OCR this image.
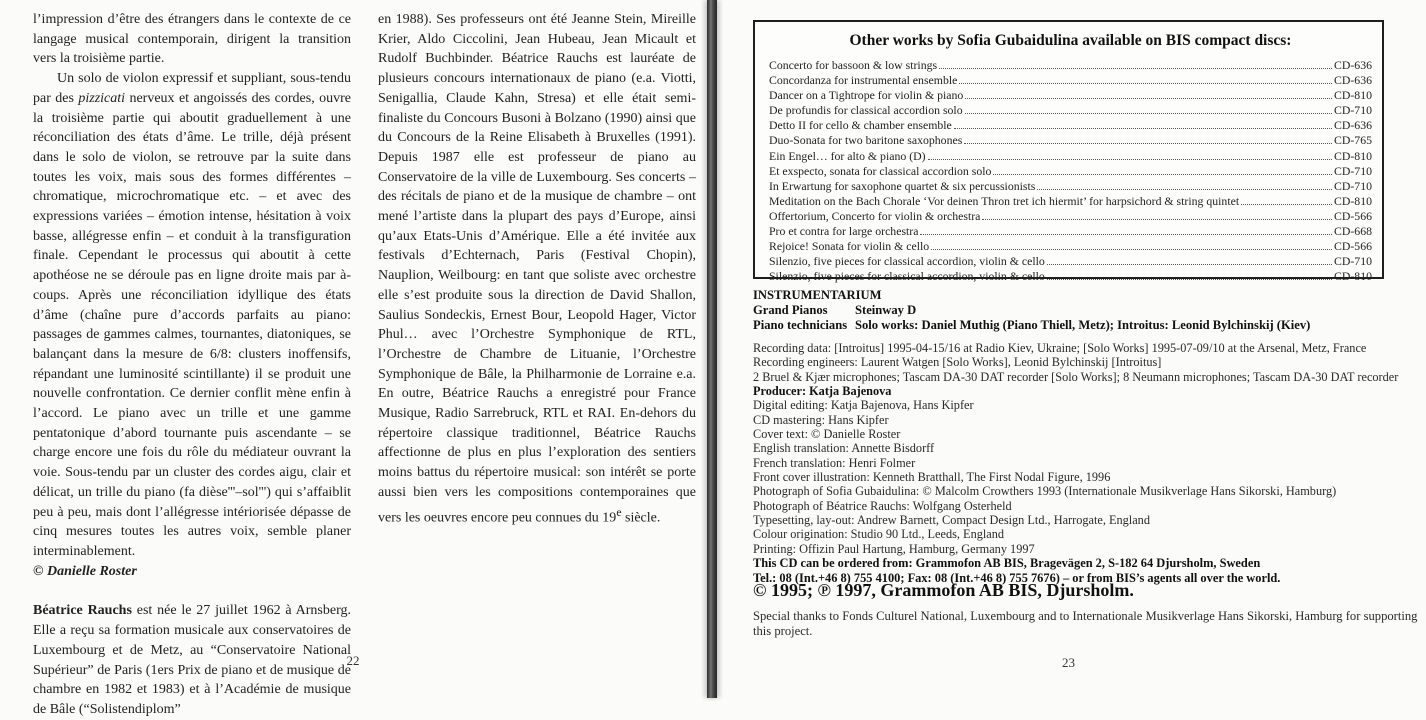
l’impression d’être des étrangers dans le contexte de ce langage musical contemporain, dirigent la transition vers la troisième partie.

Un solo de violon expressif et suppliant, sous-tendu par des pizzicati nerveux et angoissés des cordes, ouvre la troisième partie qui aboutit graduellement à une réconciliation des états d’âme. Le trille, déjà présent dans le solo de violon, se retrouve par la suite dans toutes les voix, mais sous des formes différentes – chromatique, microchromatique etc. – et avec des expressions variées – émotion intense, hésitation à voix basse, allégresse enfin – et conduit à la transfiguration finale. Cependant le processus qui aboutit à cette apothéose ne se déroule pas en ligne droite mais par à-coups. Après une réconciliation idyllique des états d’âme (chaîne pure d’accords parfaits au piano: passages de gammes calmes, tournantes, diatoniques, se balançant dans la mesure de 6/8: clusters inoffensifs, répandant une luminosité scintillante) il se produit une nouvelle confrontation. Ce dernier conflit mène enfin à l’accord. Le piano avec un trille et une gamme pentatonique d’abord tournante puis ascendante – se charge encore une fois du rôle du médiateur ouvrant la voie. Sous-tendu par un cluster des cordes aigu, clair et délicat, un trille du piano (fa dièse'''–sol''') qui s’affaiblit peu à peu, mais dont l’allégresse intériorisée dépasse de cinq mesures toutes les autres voix, semble planer interminablement.

© Danielle Roster

Béatrice Rauchs est née le 27 juillet 1962 à Arnsberg. Elle a reçu sa formation musicale aux conservatoires de Luxembourg et de Metz, au “Conservatoire National Supérieur” de Paris (1ers Prix de piano et de musique de chambre en 1982 et 1983) et à l’Académie de musique de Bâle (“Solistendiplom”

en 1988). Ses professeurs ont été Jeanne Stein, Mireille Krier, Aldo Ciccolini, Jean Hubeau, Jean Micault et Rudolf Buchbinder. Béatrice Rauchs est lauréate de plusieurs concours internationaux de piano (e.a. Viotti, Senigallia, Claude Kahn, Stresa) et elle était semi-finaliste du Concours Busoni à Bolzano (1990) ainsi que du Concours de la Reine Elisabeth à Bruxelles (1991). Depuis 1987 elle est professeur de piano au Conservatoire de la ville de Luxembourg. Ses concerts – des récitals de piano et de la musique de chambre – ont mené l’artiste dans la plupart des pays d’Europe, ainsi qu’aux Etats-Unis d’Amérique. Elle a été invitée aux festivals d’Echternach, Paris (Festival Chopin), Nauplion, Weilbourg: en tant que soliste avec orchestre elle s’est produite sous la direction de David Shallon, Saulius Sondeckis, Ernest Bour, Leopold Hager, Victor Phul… avec l’Orchestre Symphonique de RTL, l’Orchestre de Chambre de Lituanie, l’Orchestre Symphonique de Bâle, la Philharmonie de Lorraine e.a. En outre, Béatrice Rauchs a enregistré pour France Musique, Radio Sarrebruck, RTL et RAI. En-dehors du répertoire classique traditionnel, Béatrice Rauchs affectionne de plus en plus l’exploration des sentiers moins battus du répertoire musical: son intérêt se porte aussi bien vers les compositions contemporaines que vers les oeuvres encore peu connues du 19e siècle.

22
Other works by Sofia Gubaidulina available on BIS compact discs:
Concerto for bassoon & low strings	CD-636
Concordanza for instrumental ensemble	CD-636
Dancer on a Tightrope for violin & piano	CD-810
De profundis for classical accordion solo	CD-710
Detto II for cello & chamber ensemble	CD-636
Duo-Sonata for two baritone saxophones	CD-765
Ein Engel… for alto & piano (D)	CD-810
Et exspecto, sonata for classical accordion solo	CD-710
In Erwartung for saxophone quartet & six percussionists	CD-710
Meditation on the Bach Chorale ‘Vor deinen Thron tret ich hiermit’ for harpsichord & string quintet	CD-810
Offertorium, Concerto for violin & orchestra	CD-566
Pro et contra for large orchestra	CD-668
Rejoice! Sonata for violin & cello	CD-566
Silenzio, five pieces for classical accordion, violin & cello	CD-710
Silenzio, five pieces for classical accordion, violin & cello	CD-810
INSTRUMENTARIUM
Grand Pianos	Steinway D
Piano technicians Solo works: Daniel Muthig (Piano Thiell, Metz); Introitus: Leonid Bylchinskij (Kiev)
Recording data: [Introitus] 1995-04-15/16 at Radio Kiev, Ukraine; [Solo Works] 1995-07-09/10 at the Arsenal, Metz, France
Recording engineers: Laurent Watgen [Solo Works], Leonid Bylchinskij [Introitus]
2 Bruel & Kjær microphones; Tascam DA-30 DAT recorder [Solo Works]; 8 Neumann microphones; Tascam DA-30 DAT recorder
Producer: Katja Bajenova
Digital editing: Katja Bajenova, Hans Kipfer
CD mastering: Hans Kipfer
Cover text: © Danielle Roster
English translation: Annette Bisdorff
French translation: Henri Folmer
Front cover illustration: Kenneth Bratthall, The First Nodal Figure, 1996
Photograph of Sofia Gubaidulina: © Malcolm Crowthers 1993 (Internationale Musikverlage Hans Sikorski, Hamburg)
Photograph of Béatrice Rauchs: Wolfgang Osterheld
Typesetting, lay-out: Andrew Barnett, Compact Design Ltd., Harrogate, England
Colour origination: Studio 90 Ltd., Leeds, England
Printing: Offizin Paul Hartung, Hamburg, Germany 1997
This CD can be ordered from: Grammofon AB BIS, Bragevägen 2, S-182 64 Djursholm, Sweden
Tel.: 08 (Int.+46 8) 755 4100; Fax: 08 (Int.+46 8) 755 7676) – or from BIS’s agents all over the world.
© 1995; ℗ 1997, Grammofon AB BIS, Djursholm.
Special thanks to Fonds Culturel National, Luxembourg and to Internationale Musikverlage Hans Sikorski, Hamburg for supporting this project.
23
